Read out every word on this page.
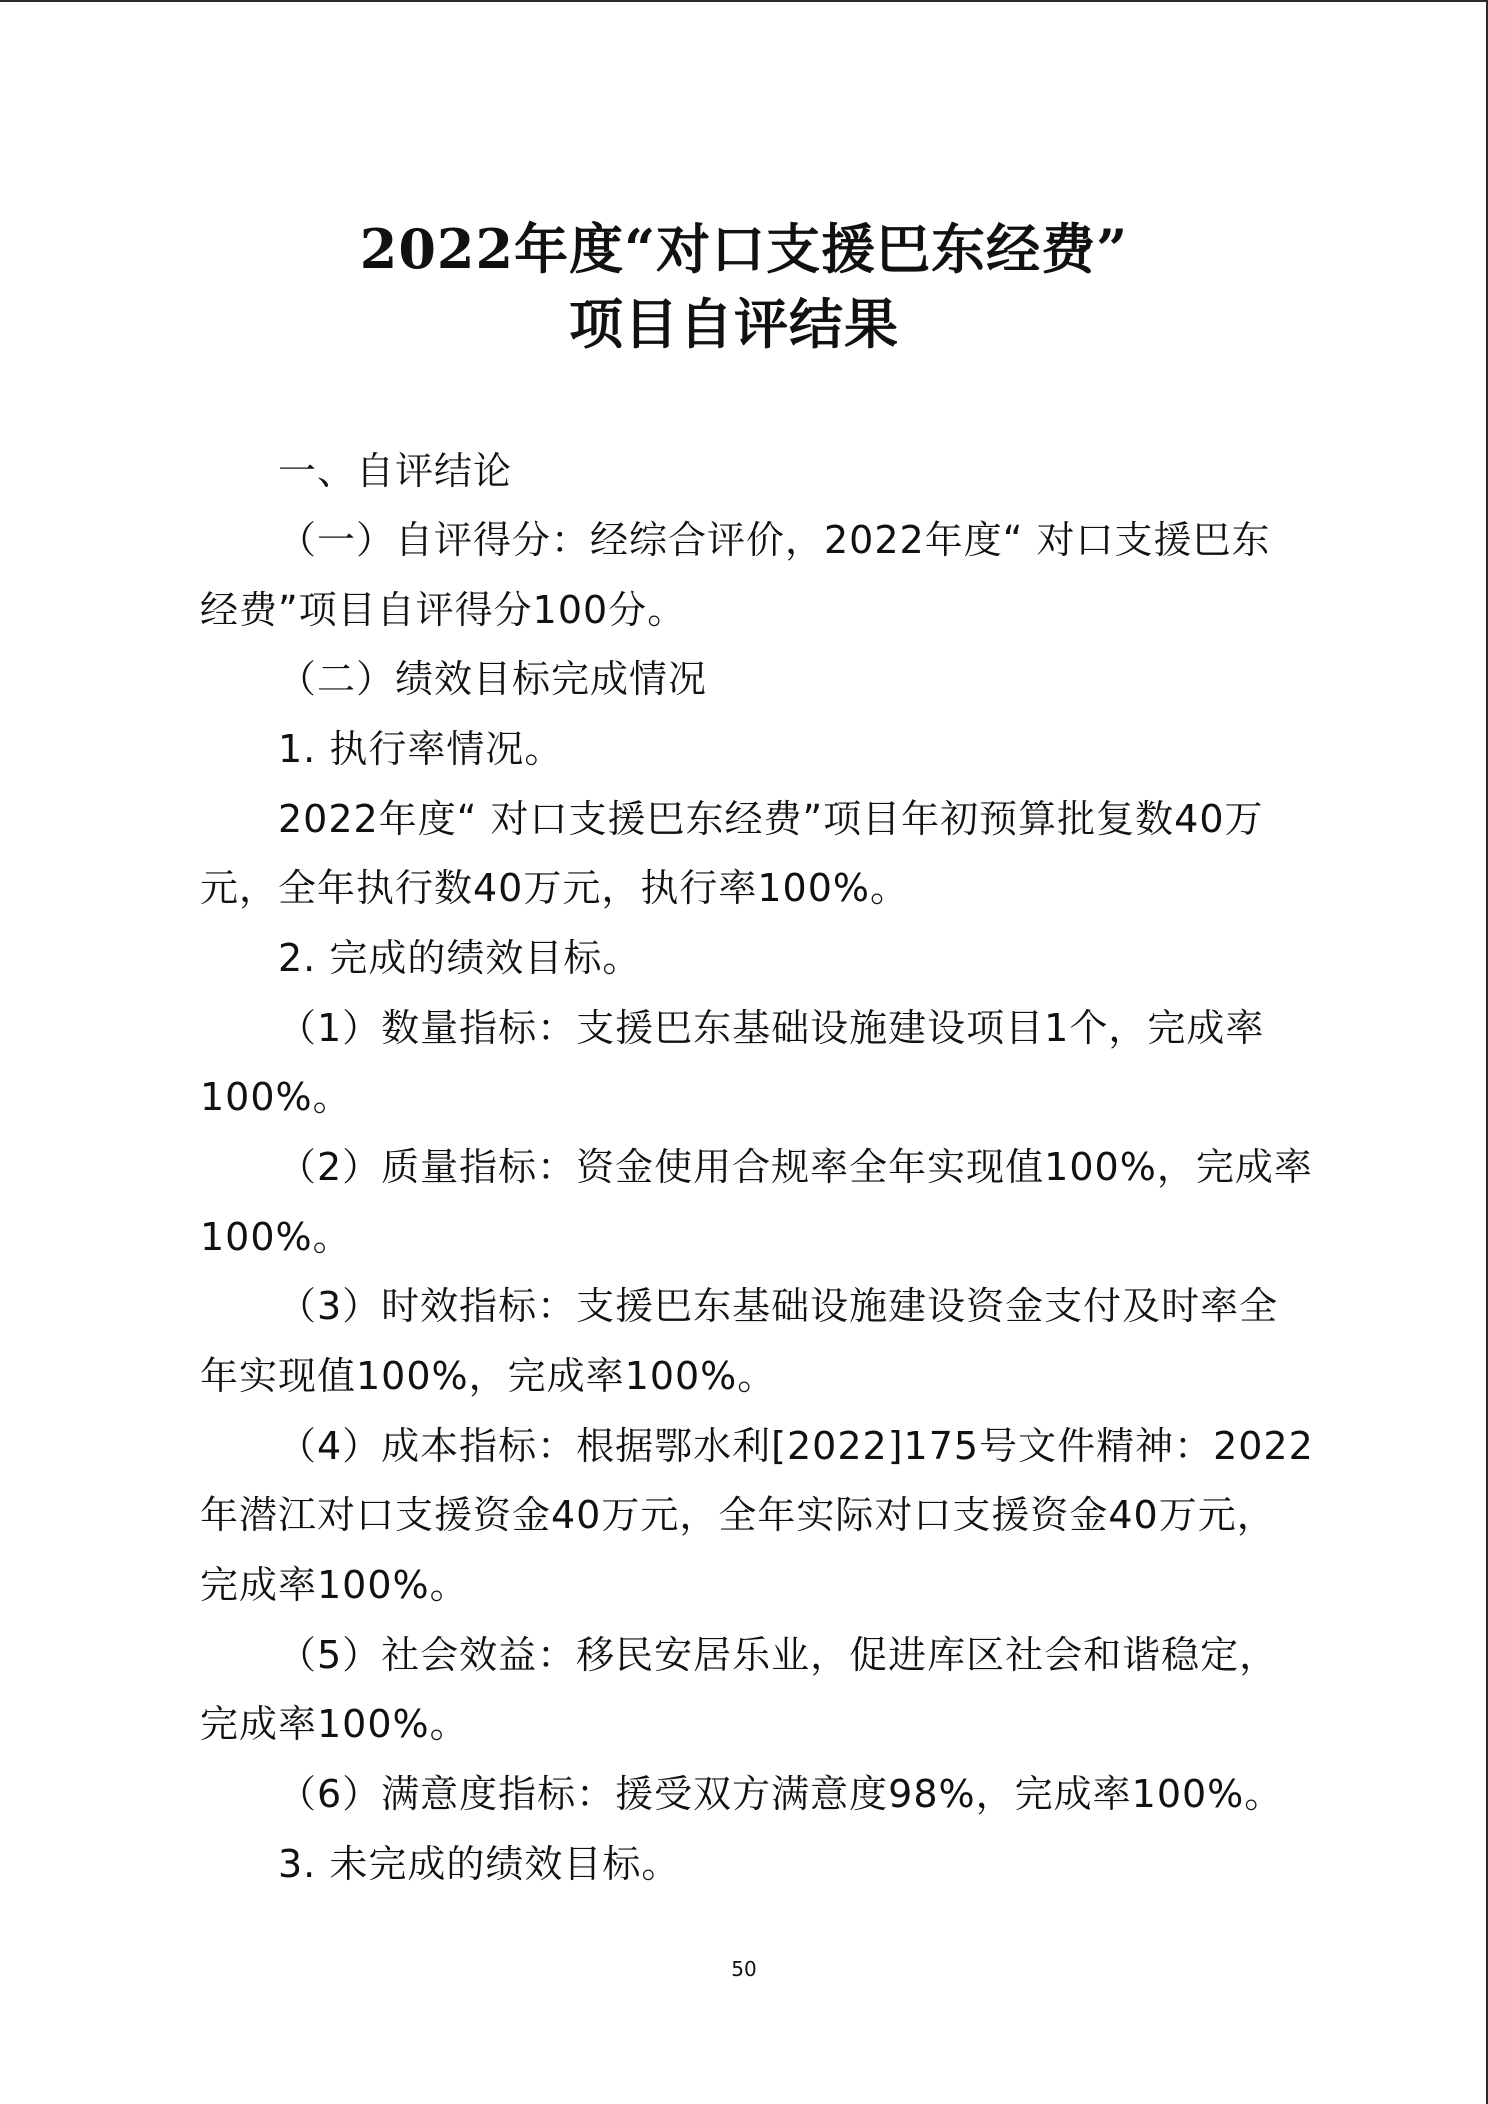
2022年度“对口支援巴东经费”
项目自评结果
一、自评结论
（一）自评得分：经综合评价，2022年度“ 对口支援巴东
经费”项目自评得分100分。
（二）绩效目标完成情况
1. 执行率情况。
2022年度“ 对口支援巴东经费”项目年初预算批复数40万
元，全年执行数40万元，执行率100%。
2. 完成的绩效目标。
（1）数量指标：支援巴东基础设施建设项目1个，完成率
100%。
（2）质量指标：资金使用合规率全年实现值100%，完成率
100%。
（3）时效指标：支援巴东基础设施建设资金支付及时率全
年实现值100%，完成率100%。
（4）成本指标：根据鄂水利[2022]175号文件精神：2022
年潜江对口支援资金40万元，全年实际对口支援资金40万元，
完成率100%。
（5）社会效益：移民安居乐业，促进库区社会和谐稳定，
完成率100%。
（6）满意度指标：援受双方满意度98%，完成率100%。
3. 未完成的绩效目标。
50
